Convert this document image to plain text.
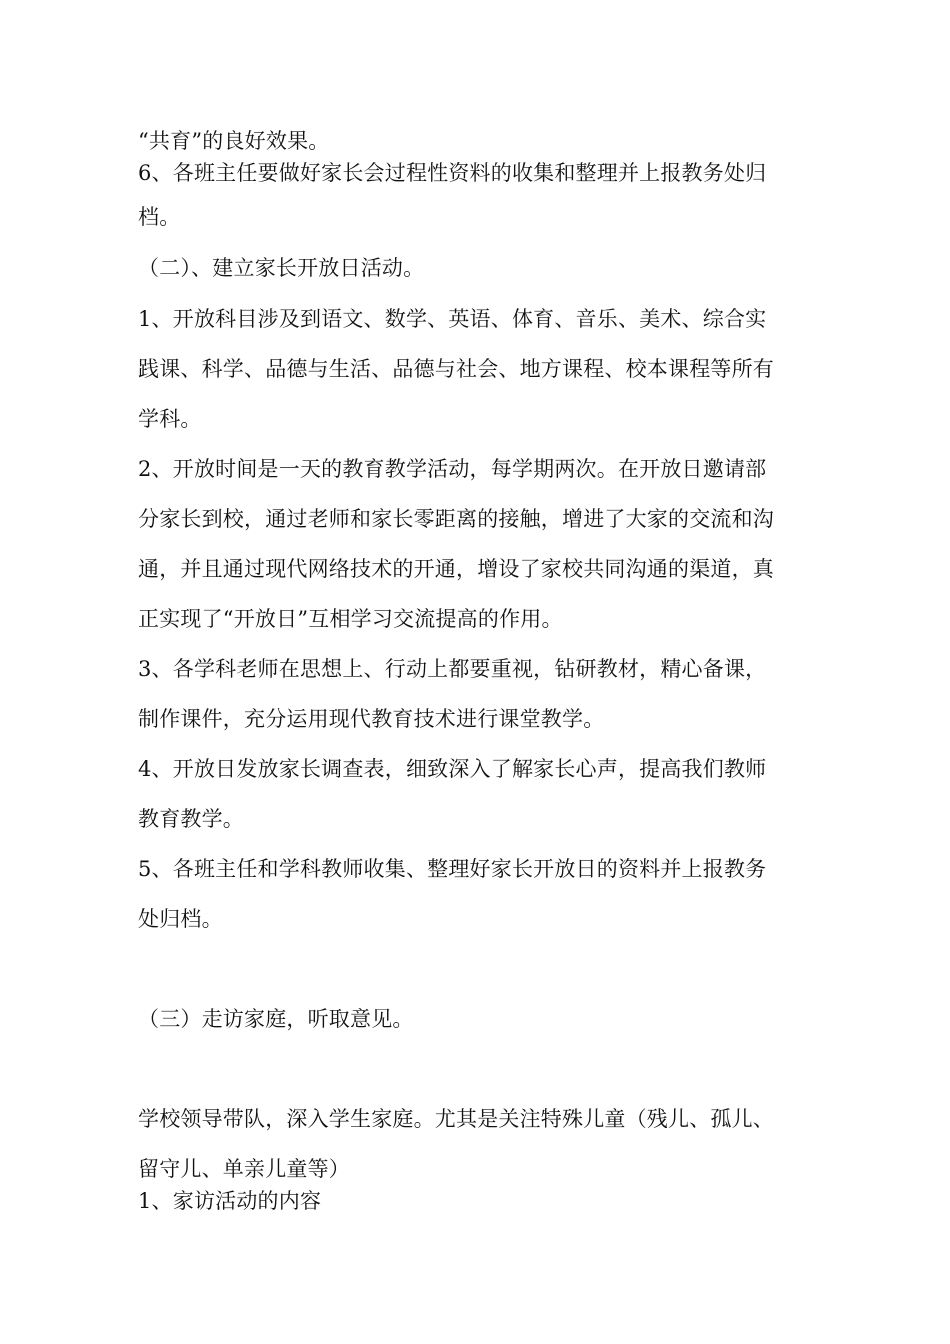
“共育”的良好效果。
6、各班主任要做好家长会过程性资料的收集和整理并上报教务处归
档。
（二）、建立家长开放日活动。
1、开放科目涉及到语文、数学、英语、体育、音乐、美术、综合实
践课、科学、品德与生活、品德与社会、地方课程、校本课程等所有
学科。
2、开放时间是一天的教育教学活动，每学期两次。在开放日邀请部
分家长到校，通过老师和家长零距离的接触，增进了大家的交流和沟
通，并且通过现代网络技术的开通，增设了家校共同沟通的渠道，真
正实现了“开放日”互相学习交流提高的作用。
3、各学科老师在思想上、行动上都要重视，钻研教材，精心备课，
制作课件，充分运用现代教育技术进行课堂教学。
4、开放日发放家长调查表，细致深入了解家长心声，提高我们教师
教育教学。
5、各班主任和学科教师收集、整理好家长开放日的资料并上报教务
处归档。
（三）走访家庭，听取意见。
学校领导带队，深入学生家庭。尤其是关注特殊儿童（残儿、孤儿、
留守儿、单亲儿童等）
1、家访活动的内容
